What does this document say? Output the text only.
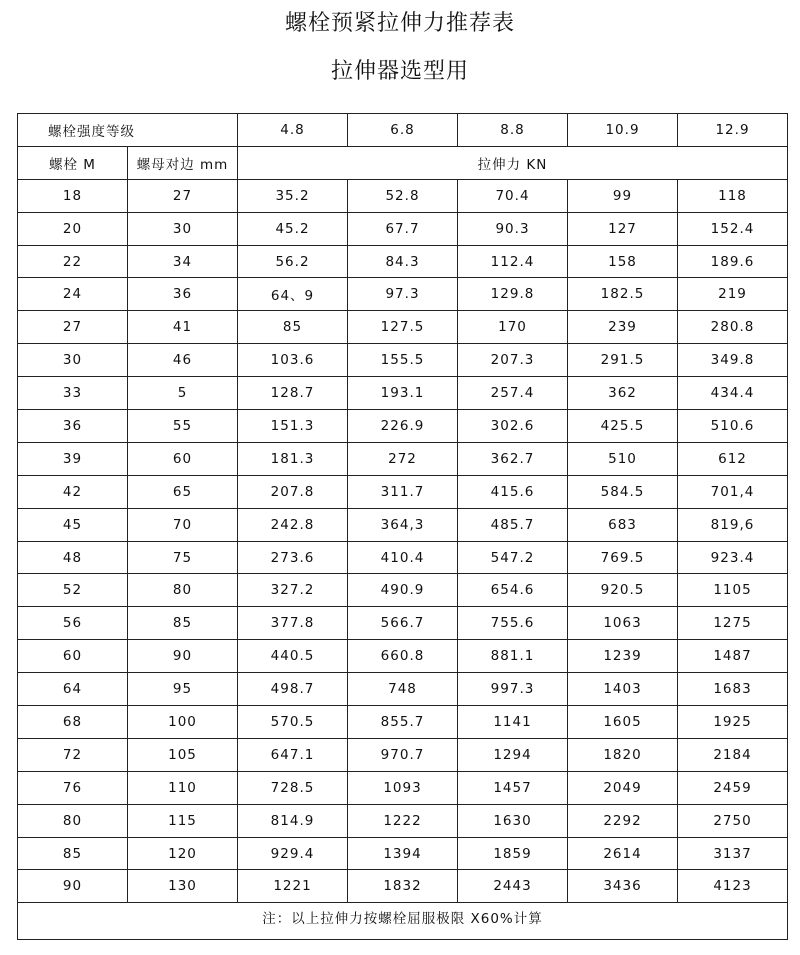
螺栓预紧拉伸力推荐表
拉伸器选型用
螺栓强度等级		4.8	6.8	8.8	10.9	12.9
螺栓 M	螺母对边 mm	拉伸力 KN				
18	27	35.2	52.8	70.4	99	118
20	30	45.2	67.7	90.3	127	152.4
22	34	56.2	84.3	112.4	158	189.6
24	36	64、9	97.3	129.8	182.5	219
27	41	85	127.5	170	239	280.8
30	46	103.6	155.5	207.3	291.5	349.8
33	5	128.7	193.1	257.4	362	434.4
36	55	151.3	226.9	302.6	425.5	510.6
39	60	181.3	272	362.7	510	612
42	65	207.8	311.7	415.6	584.5	701,4
45	70	242.8	364,3	485.7	683	819,6
48	75	273.6	410.4	547.2	769.5	923.4
52	80	327.2	490.9	654.6	920.5	1105
56	85	377.8	566.7	755.6	1063	1275
60	90	440.5	660.8	881.1	1239	1487
64	95	498.7	748	997.3	1403	1683
68	100	570.5	855.7	1141	1605	1925
72	105	647.1	970.7	1294	1820	2184
76	110	728.5	1093	1457	2049	2459
80	115	814.9	1222	1630	2292	2750
85	120	929.4	1394	1859	2614	3137
90	130	1221	1832	2443	3436	4123
注：以上拉伸力按螺栓屈服极限 X60%计算						
